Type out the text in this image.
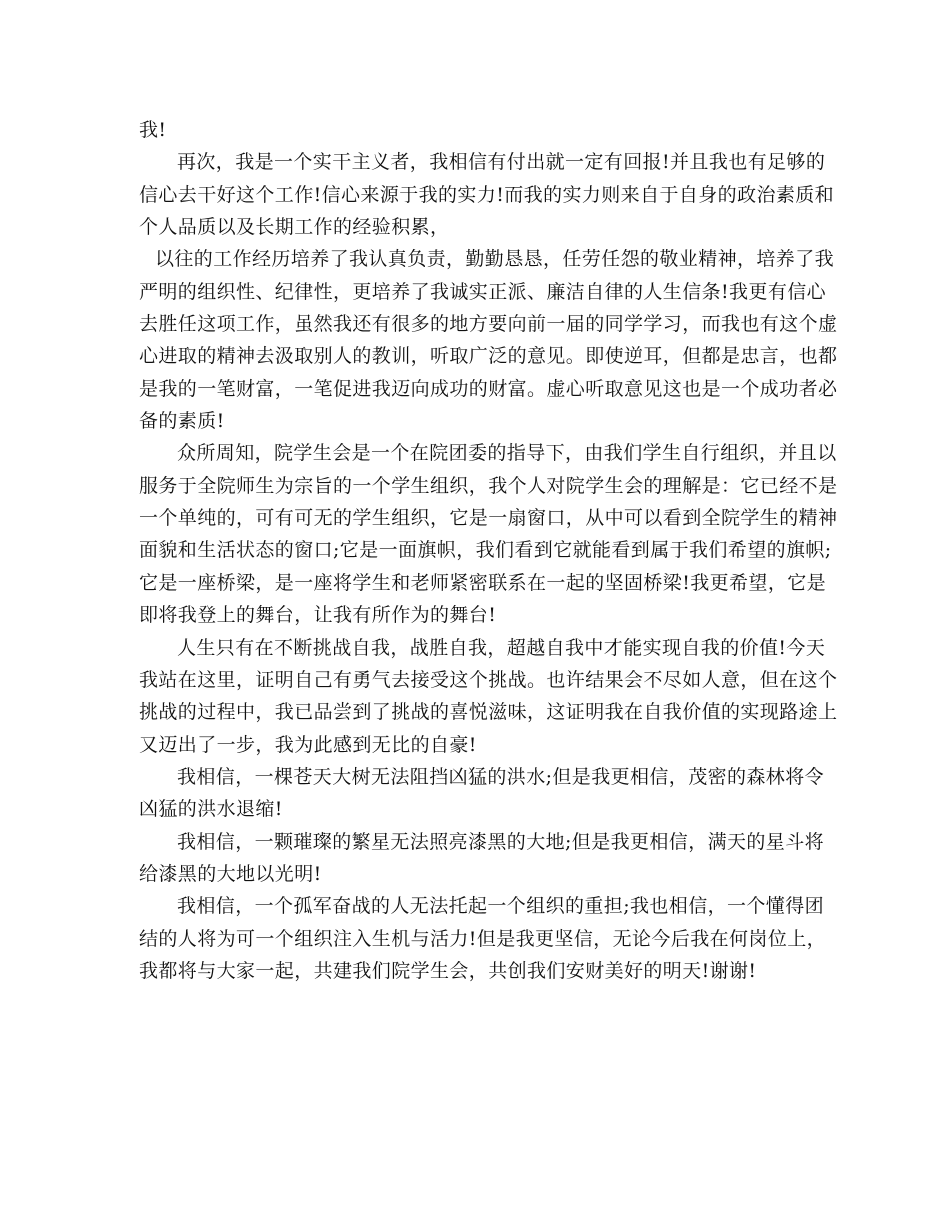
我!
再次，我是一个实干主义者，我相信有付出就一定有回报!并且我也有足够的
信心去干好这个工作!信心来源于我的实力!而我的实力则来自于自身的政治素质和
个人品质以及长期工作的经验积累，
以往的工作经历培养了我认真负责，勤勤恳恳，任劳任怨的敬业精神，培养了我
严明的组织性、纪律性，更培养了我诚实正派、廉洁自律的人生信条!我更有信心
去胜任这项工作，虽然我还有很多的地方要向前一届的同学学习，而我也有这个虚
心进取的精神去汲取别人的教训，听取广泛的意见。即使逆耳，但都是忠言，也都
是我的一笔财富，一笔促进我迈向成功的财富。虚心听取意见这也是一个成功者必
备的素质!
众所周知，院学生会是一个在院团委的指导下，由我们学生自行组织，并且以
服务于全院师生为宗旨的一个学生组织，我个人对院学生会的理解是：它已经不是
一个单纯的，可有可无的学生组织，它是一扇窗口，从中可以看到全院学生的精神
面貌和生活状态的窗口;它是一面旗帜，我们看到它就能看到属于我们希望的旗帜;
它是一座桥梁，是一座将学生和老师紧密联系在一起的坚固桥梁!我更希望，它是
即将我登上的舞台，让我有所作为的舞台!
人生只有在不断挑战自我，战胜自我，超越自我中才能实现自我的价值!今天
我站在这里，证明自己有勇气去接受这个挑战。也许结果会不尽如人意，但在这个
挑战的过程中，我已品尝到了挑战的喜悦滋味，这证明我在自我价值的实现路途上
又迈出了一步，我为此感到无比的自豪!
我相信，一棵苍天大树无法阻挡凶猛的洪水;但是我更相信，茂密的森林将令
凶猛的洪水退缩!
我相信，一颗璀璨的繁星无法照亮漆黑的大地;但是我更相信，满天的星斗将
给漆黑的大地以光明!
我相信，一个孤军奋战的人无法托起一个组织的重担;我也相信，一个懂得团
结的人将为可一个组织注入生机与活力!但是我更坚信，无论今后我在何岗位上，
我都将与大家一起，共建我们院学生会，共创我们安财美好的明天!谢谢!
